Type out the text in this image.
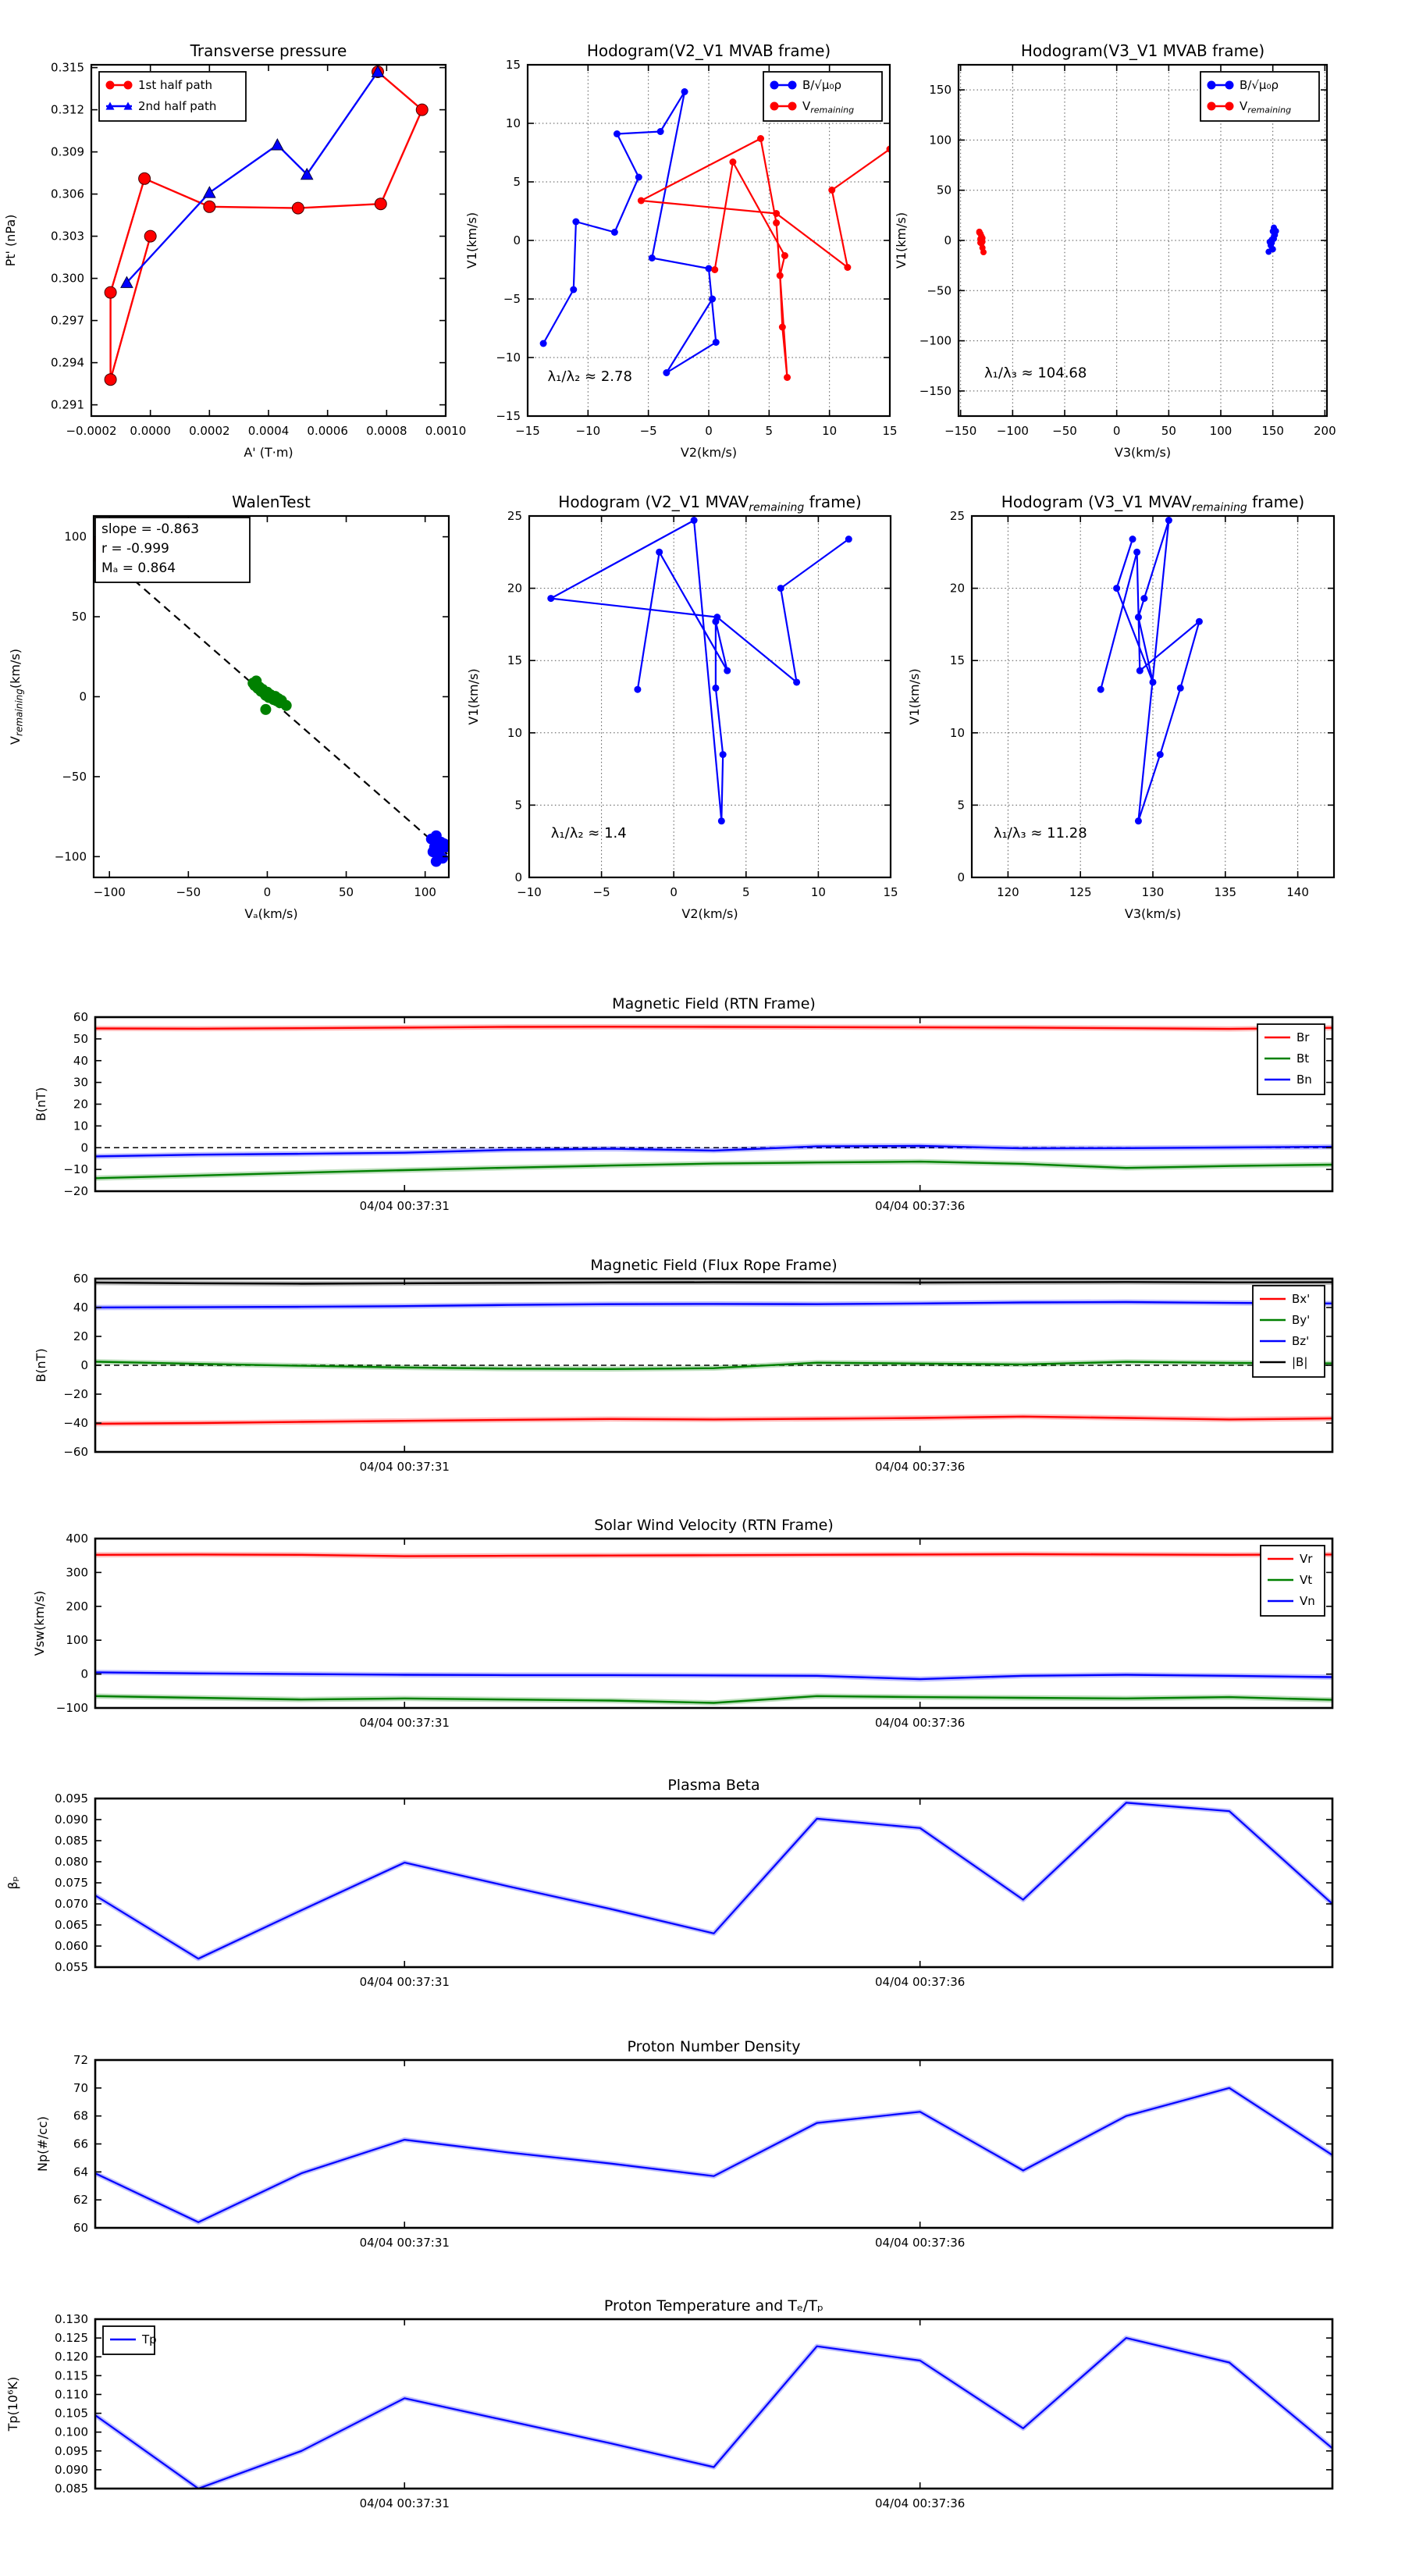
−0.0002 0.0000 0.0002 0.0004 0.0006 0.0008 0.0010
0.291
0.294
0.297
0.300
0.303
0.306
0.309
0.312
0.315
Transverse pressure
A' (T·m)
Pt' (nPa)
1st half path
2nd half path
−15	−10	−5	0	5	10	15
−15
−10
−5
0
5
10
15
Hodogram(V2_V1 MVAB frame)
V2(km/s)
V1(km/s)
B/√μ₀ρ
$V_{remaining}$
λ₁/λ₂ ≈ 2.78
−150 −100 −50	0	50	100	150	200
−150
−100
−50
0
50
100
150
Hodogram(V3_V1 MVAB frame)
V3(km/s)
V1(km/s)
B/√μ₀ρ
$V_{remaining}$
λ₁/λ₃ ≈ 104.68
−100	−50	0	50	100
−100
−50
0
50
100
WalenTest
Vₐ(km/s)
$V_{remaining}(km/s)$
slope = -0.863
r = -0.999
Mₐ = 0.864
−10	−5	0	5	10	15
0
5
10
15
20
25
Hodogram (V2_V1 $MVAV_{remaining}$ frame)
V2(km/s)
V1(km/s)
λ₁/λ₂ ≈ 1.4
120	125	130	135	140
0
5
10
15
20
25
Hodogram (V3_V1 $MVAV_{remaining}$ frame)
V3(km/s)
V1(km/s)
λ₁/λ₃ ≈ 11.28
04/04 00:37:31	04/04 00:37:36
−20
−10
0
10
20
30
40
50
60
Magnetic Field (RTN Frame)
B(nT)
Br
Bt
Bn
04/04 00:37:31	04/04 00:37:36
−60
−40
−20
0
20
40
60
Magnetic Field (Flux Rope Frame)
B(nT)
Bx'
By'
Bz'
|B|
04/04 00:37:31	04/04 00:37:36
−100
0
100
200
300
400
Solar Wind Velocity (RTN Frame)
Vsw(km/s)
Vr
Vt
Vn
04/04 00:37:31	04/04 00:37:36
0.055
0.060
0.065
0.070
0.075
0.080
0.085
0.090
0.095
Plasma Beta
βₚ
04/04 00:37:31	04/04 00:37:36
60
62
64
66
68
70
72
Proton Number Density
Np(#/cc)
04/04 00:37:31	04/04 00:37:36
0.085
0.090
0.095
0.100
0.105
0.110
0.115
0.120
0.125
0.130
Proton Temperature and Tₑ/Tₚ
Tp(10⁶K)
Tp
